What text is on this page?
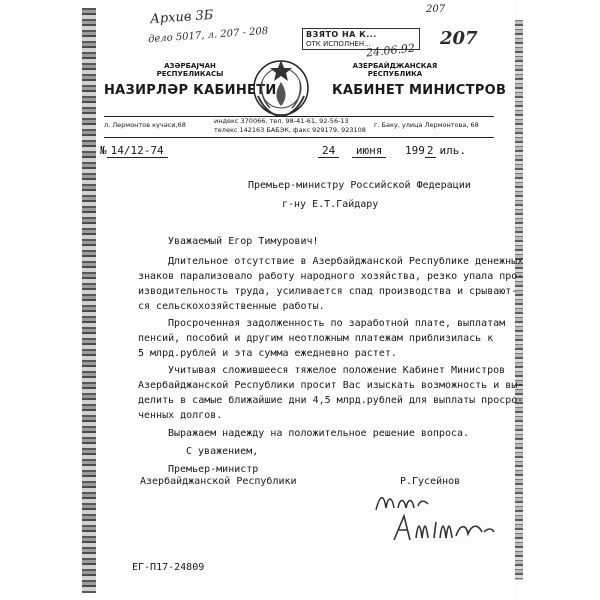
Архив 3Б
дело 5017, л. 207 - 208
207
207
ВЗЯТО НА К...
ОТК ИСПОЛНЕН...
24.06.92
АЗӘРБАЈҸАН
РЕСПУБЛИКАСЫ
АЗЕРБАЙДЖАНСКАЯ
РЕСПУБЛИКА
НАЗИРЛӘР КАБИНЕТИ	КАБИНЕТ МИНИСТРОВ
л. Лермонтов күчәси,68	индекс 370066, тел. 98-41-61, 92-56-13
телекс 142163 БАБЭК, факс 929179, 923108
г. Баку, улица Лермонтова, 68
№ 14/12-74	24 июня 199 2 иль.
Премьер-министру Российской Федерации
г-ну Е.Т.Гайдару
Уважаемый Егор Тимурович!
Длительное отсутствие в Азербайджанской Республике денежных
знаков парализовало работу народного хозяйства, резко упала про-
изводительность труда, усиливается спад производства и срывают-
ся сельскохозяйственные работы.
Просроченная задолженность по заработной плате, выплатам
пенсий, пособий и другим неотложным платежам приблизилась к
5 млрд.рублей и эта сумма ежедневно растет.
Учитывая сложившееся тяжелое положение Кабинет Министров
Азербайджанской Республики просит Вас изыскать возможность и вы-
делить в самые ближайшие дни 4,5 млрд.рублей для выплаты просро-
ченных долгов.
Выражаем надежду на положительное решение вопроса.
С уважением,
Премьер-министр
Азербайджанской Республики	Р.Гусейнов
ЕГ-П17-24809
